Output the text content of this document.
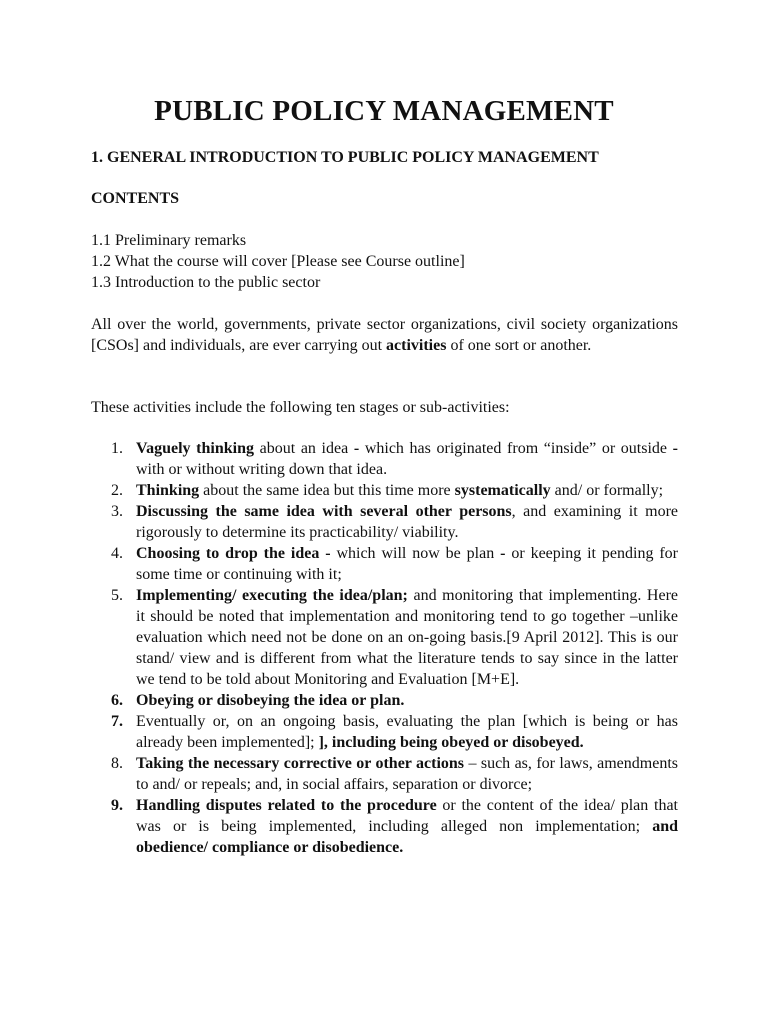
PUBLIC POLICY MANAGEMENT
1. GENERAL INTRODUCTION TO PUBLIC POLICY MANAGEMENT
CONTENTS
1.1 Preliminary remarks
1.2 What the course will cover [Please see Course outline]
1.3 Introduction to the public sector

All over the world, governments, private sector organizations, civil society organizations [CSOs] and individuals, are ever carrying out activities of one sort or another.

These activities include the following ten stages or sub-activities:

1. Vaguely thinking about an idea - which has originated from “inside” or outside - with or without writing down that idea.
2. Thinking about the same idea but this time more systematically and/ or formally;
3. Discussing the same idea with several other persons, and examining it more rigorously to determine its practicability/ viability.
4. Choosing to drop the idea - which will now be plan - or keeping it pending for some time or continuing with it;
5. Implementing/ executing the idea/plan; and monitoring that implementing. Here it should be noted that implementation and monitoring tend to go together –unlike evaluation which need not be done on an on-going basis.[9 April 2012]. This is our stand/ view and is different from what the literature tends to say since in the latter we tend to be told about Monitoring and Evaluation [M+E].
6. Obeying or disobeying the idea or plan.
7. Eventually or, on an ongoing basis, evaluating the plan [which is being or has already been implemented]; ], including being obeyed or disobeyed.
8. Taking the necessary corrective or other actions – such as, for laws, amendments to and/ or repeals; and, in social affairs, separation or divorce;
9. Handling disputes related to the procedure or the content of the idea/ plan that was or is being implemented, including alleged non implementation; and obedience/ compliance or disobedience.
